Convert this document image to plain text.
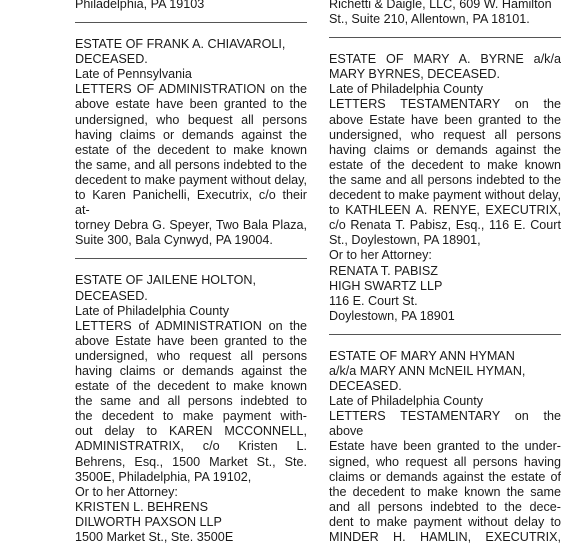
Philadelphia, PA 19103
ESTATE OF FRANK A. CHIAVAROLI,
DECEASED.
Late of Pennsylvania
LETTERS OF ADMINISTRATION on the
above estate have been granted to the
undersigned, who bequest all persons
having claims or demands against the
estate of the decedent to make known
the same, and all persons indebted to the
decedent to make payment without delay,
to Karen Panichelli, Executrix, c/o their at-
torney Debra G. Speyer, Two Bala Plaza,
Suite 300, Bala Cynwyd, PA 19004.
ESTATE OF JAILENE HOLTON,
DECEASED.
Late of Philadelphia County
LETTERS of ADMINISTRATION on the
above Estate have been granted to the
undersigned, who request all persons
having claims or demands against the
estate of the decedent to make known
the same and all persons indebted to
the decedent to make payment with-
out delay to KAREN MCCONNELL,
ADMINISTRATRIX, c/o Kristen L.
Behrens, Esq., 1500 Market St., Ste.
3500E, Philadelphia, PA 19102,
Or to her Attorney:
KRISTEN L. BEHRENS
DILWORTH PAXSON LLP
1500 Market St., Ste. 3500E
Richetti & Daigle, LLC, 609 W. Hamilton
St., Suite 210, Allentown, PA 18101.
ESTATE OF MARY A. BYRNE a/k/a
MARY BYRNES, DECEASED.
Late of Philadelphia County
LETTERS TESTAMENTARY on the
above Estate have been granted to the
undersigned, who request all persons
having claims or demands against the
estate of the decedent to make known
the same and all persons indebted to the
decedent to make payment without delay,
to KATHLEEN A. RENYE, EXECUTRIX,
c/o Renata T. Pabisz, Esq., 116 E. Court
St., Doylestown, PA 18901,
Or to her Attorney:
RENATA T. PABISZ
HIGH SWARTZ LLP
116 E. Court St.
Doylestown, PA 18901
ESTATE OF MARY ANN HYMAN
a/k/a MARY ANN McNEIL HYMAN,
DECEASED.
Late of Philadelphia County
LETTERS TESTAMENTARY on the above
Estate have been granted to the under-
signed, who request all persons having
claims or demands against the estate of
the decedent to make known the same
and all persons indebted to the dece-
dent to make payment without delay to
MINDER H. HAMLIN, EXECUTRIX,
